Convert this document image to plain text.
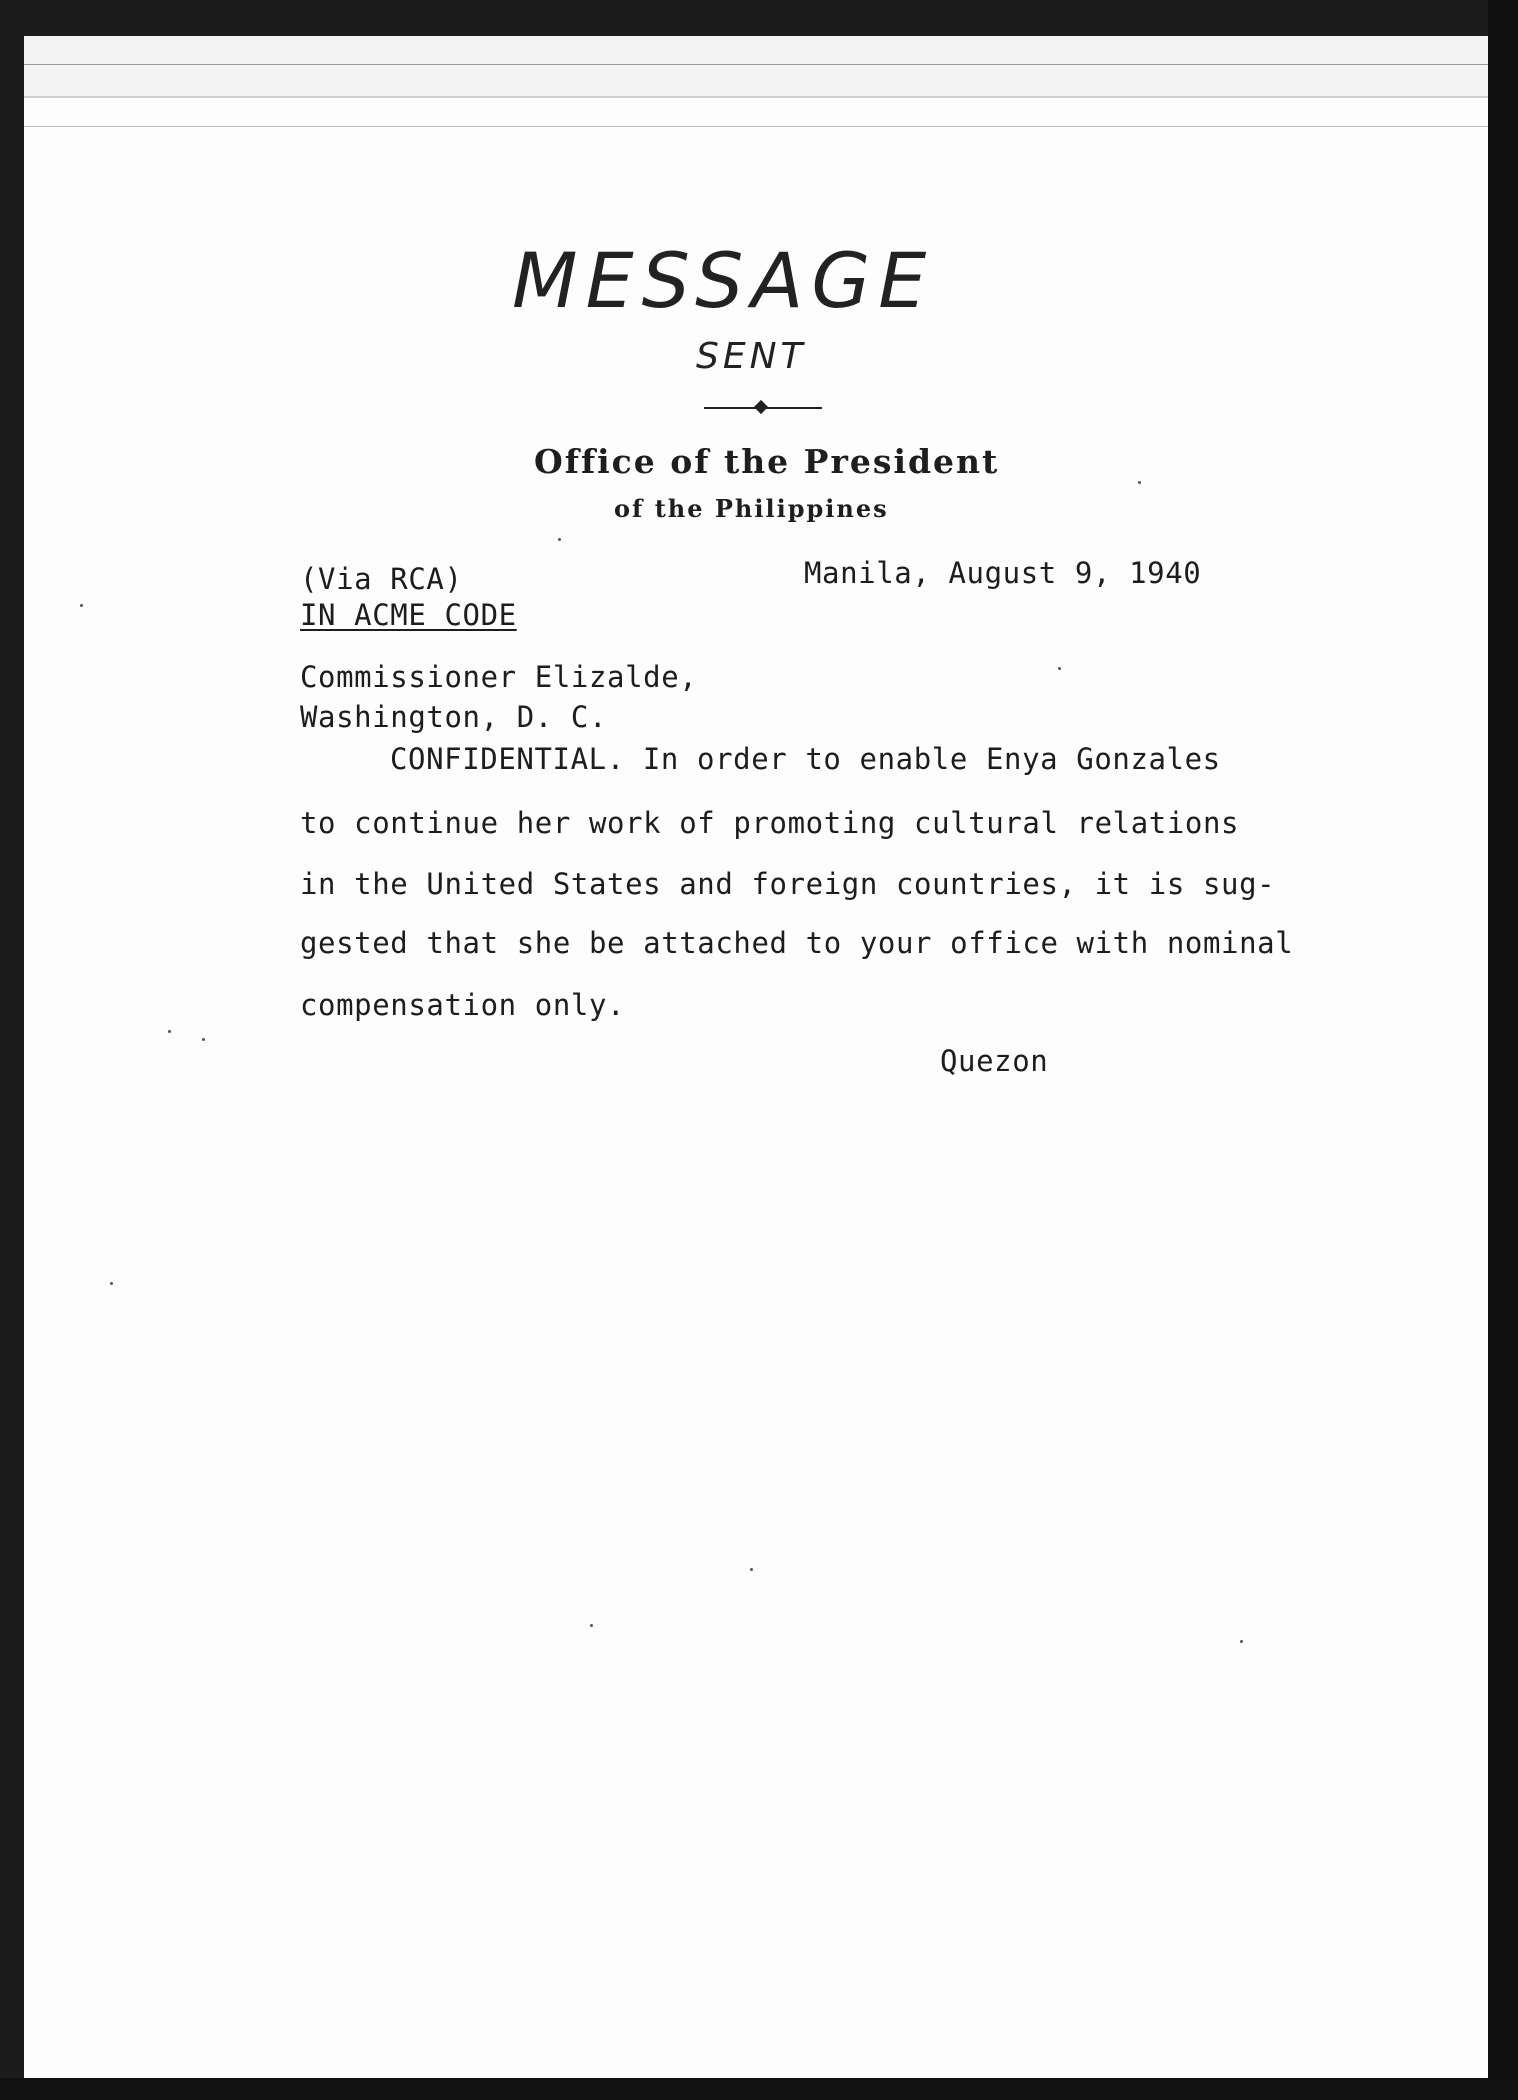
MESSAGE
SENT
Office of the President
of the Philippines
(Via RCA)
IN ACME CODE
Manila, August 9, 1940
Commissioner Elizalde,
Washington, D. C.
CONFIDENTIAL. In order to enable Enya Gonzales
to continue her work of promoting cultural relations
in the United States and foreign countries, it is sug-
gested that she be attached to your office with nominal
compensation only.
Quezon
